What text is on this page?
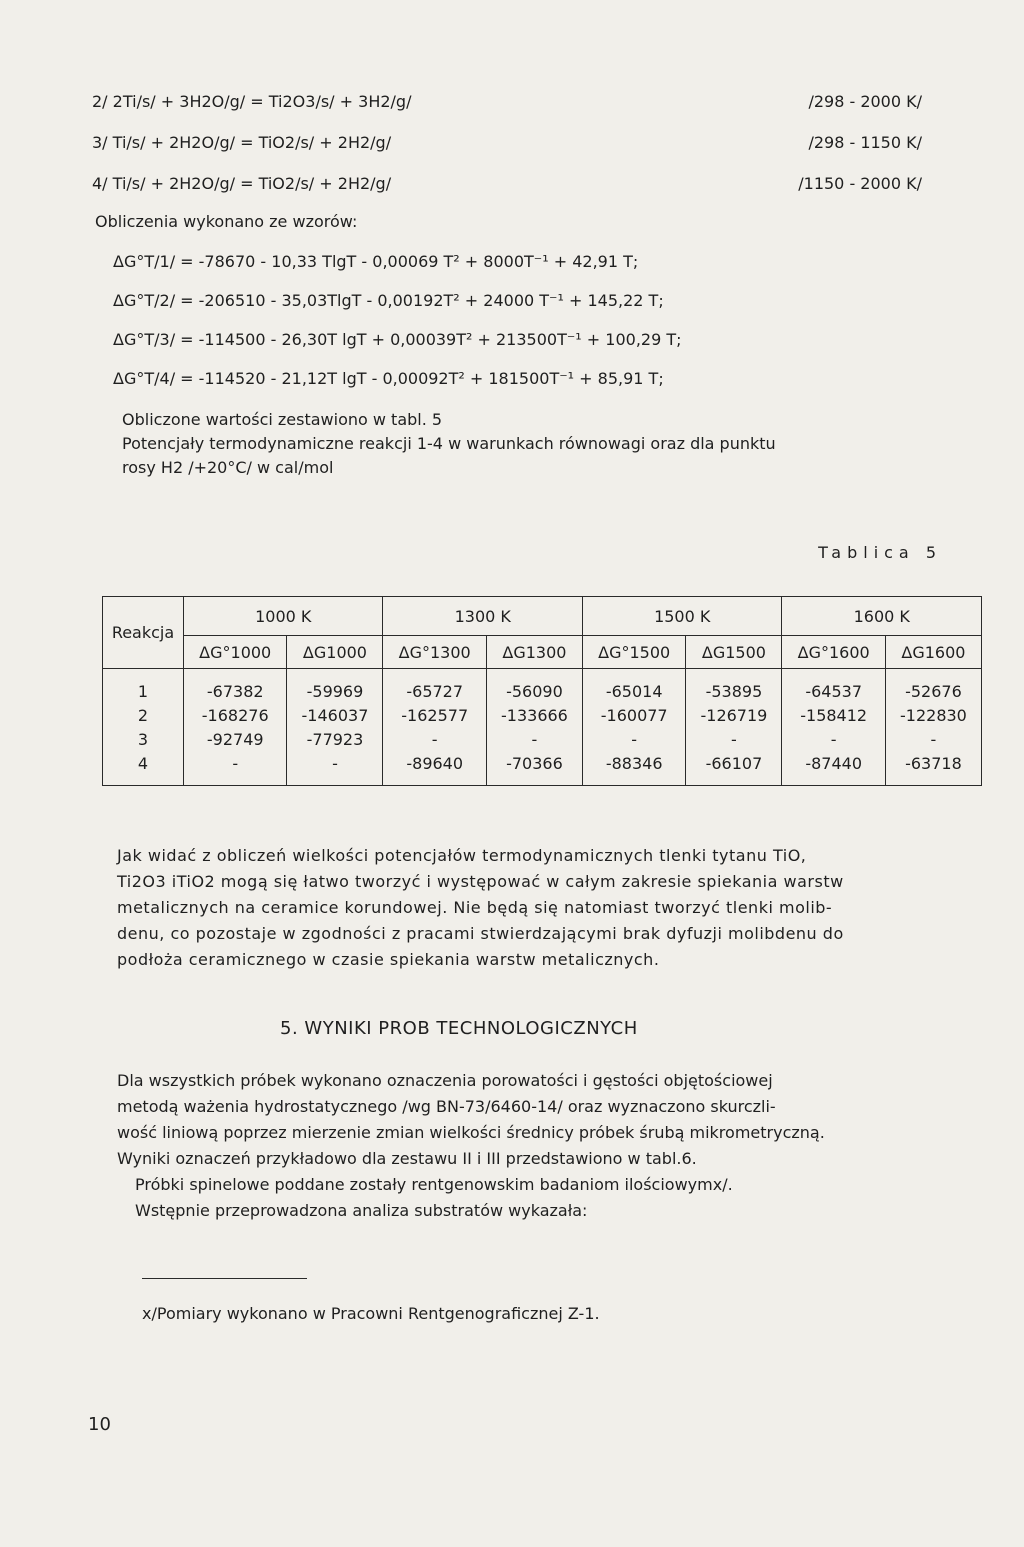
2/ 2Ti/s/ + 3H2O/g/ = Ti2O3/s/ + 3H2/g/	/298 - 2000 K/
3/ Ti/s/ + 2H2O/g/ = TiO2/s/ + 2H2/g/	/298 - 1150 K/
4/ Ti/s/ + 2H2O/g/ = TiO2/s/ + 2H2/g/	/1150 - 2000 K/
Obliczenia wykonano ze wzorów:
ΔG°T/1/ = -78670 - 10,33 TlgT - 0,00069 T² + 8000T⁻¹ + 42,91 T;
ΔG°T/2/ = -206510 - 35,03TlgT - 0,00192T² + 24000 T⁻¹ + 145,22 T;
ΔG°T/3/ = -114500 - 26,30T lgT + 0,00039T² + 213500T⁻¹ + 100,29 T;
ΔG°T/4/ = -114520 - 21,12T lgT - 0,00092T² + 181500T⁻¹ + 85,91 T;

Obliczone wartości zestawiono w tabl. 5

Potencjały termodynamiczne reakcji 1-4 w warunkach równowagi oraz dla punktu

rosy H2 /+20°C/ w cal/mol

Tablica 5
Reakcja	1000 K		1300 K		1500 K		1600 K	
	ΔG°1000	ΔG1000	ΔG°1300	ΔG1300	ΔG°1500	ΔG1500	ΔG°1600	ΔG1600
1	-67382	-59969	-65727	-56090	-65014	-53895	-64537	-52676
2	-168276	-146037	-162577	-133666	-160077	-126719	-158412	-122830
3	-92749	-77923	-	-	-	-	-	-
4	-	-	-89640	-70366	-88346	-66107	-87440	-63718

Jak widać z obliczeń wielkości potencjałów termodynamicznych tlenki tytanu TiO,

Ti2O3 iTiO2 mogą się łatwo tworzyć i występować w całym zakresie spiekania warstw

metalicznych na ceramice korundowej. Nie będą się natomiast tworzyć tlenki molib-

denu, co pozostaje w zgodności z pracami stwierdzającymi brak dyfuzji molibdenu do

podłoża ceramicznego w czasie spiekania warstw metalicznych.

5. WYNIKI PROB TECHNOLOGICZNYCH

Dla wszystkich próbek wykonano oznaczenia porowatości i gęstości objętościowej

metodą ważenia hydrostatycznego /wg BN-73/6460-14/ oraz wyznaczono skurczli-

wość liniową poprzez mierzenie zmian wielkości średnicy próbek śrubą mikrometryczną.

Wyniki oznaczeń przykładowo dla zestawu II i III przedstawiono w tabl.6.

Próbki spinelowe poddane zostały rentgenowskim badaniom ilościowymx/.

Wstępnie przeprowadzona analiza substratów wykazała:

x/Pomiary wykonano w Pracowni Rentgenograficznej Z-1.
10
